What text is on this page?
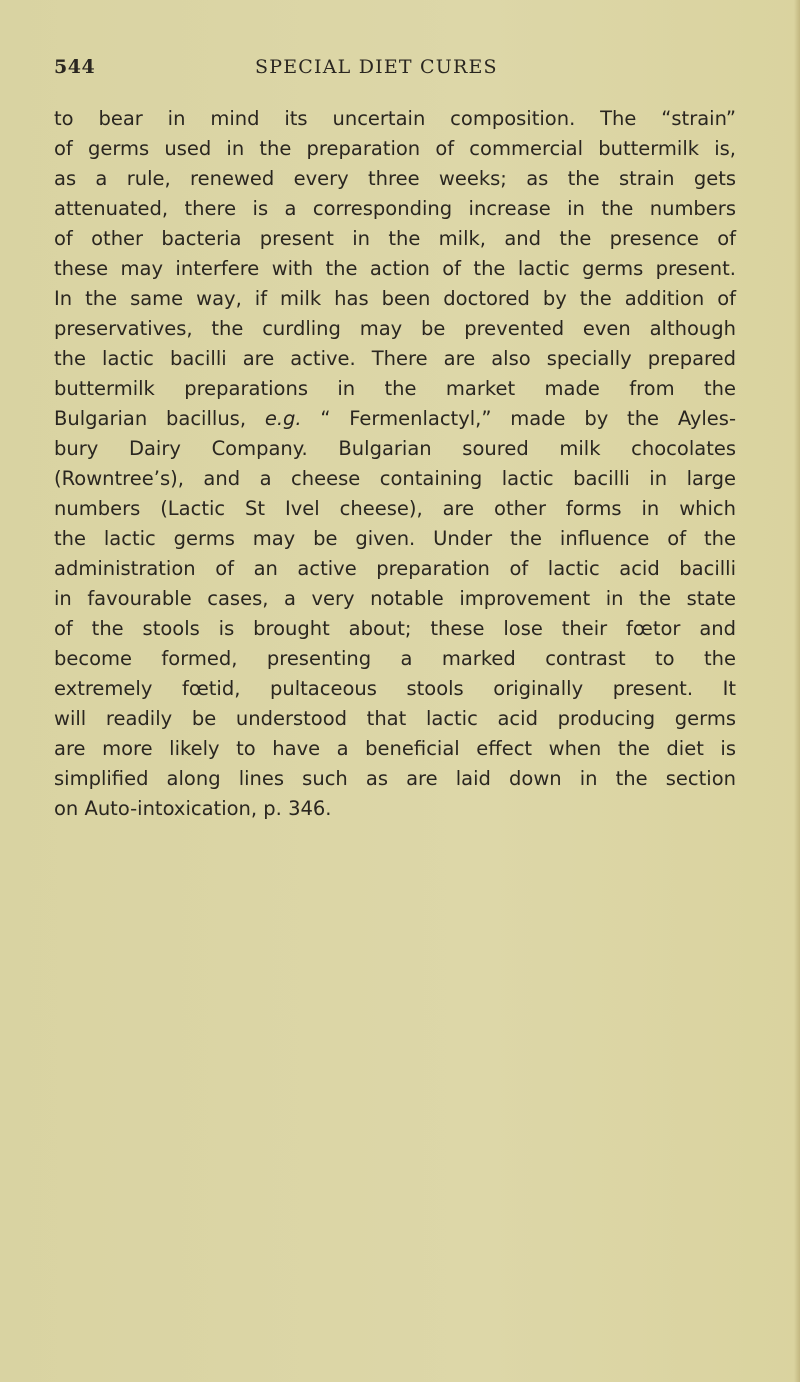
544	SPECIAL DIET CURES
to bear in mind its uncertain composition. The “strain”
of germs used in the preparation of commercial buttermilk is,
as a rule, renewed every three weeks; as the strain gets
attenuated, there is a corresponding increase in the numbers
of other bacteria present in the milk, and the presence of
these may interfere with the action of the lactic germs present.
In the same way, if milk has been doctored by the addition of
preservatives, the curdling may be prevented even although
the lactic bacilli are active. There are also specially prepared
buttermilk preparations in the market made from the
Bulgarian bacillus, e.g. “ Fermenlactyl,” made by the Ayles-
bury Dairy Company. Bulgarian soured milk chocolates
(Rowntree’s), and a cheese containing lactic bacilli in large
numbers (Lactic St Ivel cheese), are other forms in which
the lactic germs may be given. Under the influence of the
administration of an active preparation of lactic acid bacilli
in favourable cases, a very notable improvement in the state
of the stools is brought about; these lose their fœtor and
become formed, presenting a marked contrast to the
extremely fœtid, pultaceous stools originally present. It
will readily be understood that lactic acid producing germs
are more likely to have a beneficial effect when the diet is
simplified along lines such as are laid down in the section
on Auto-intoxication, p. 346.
